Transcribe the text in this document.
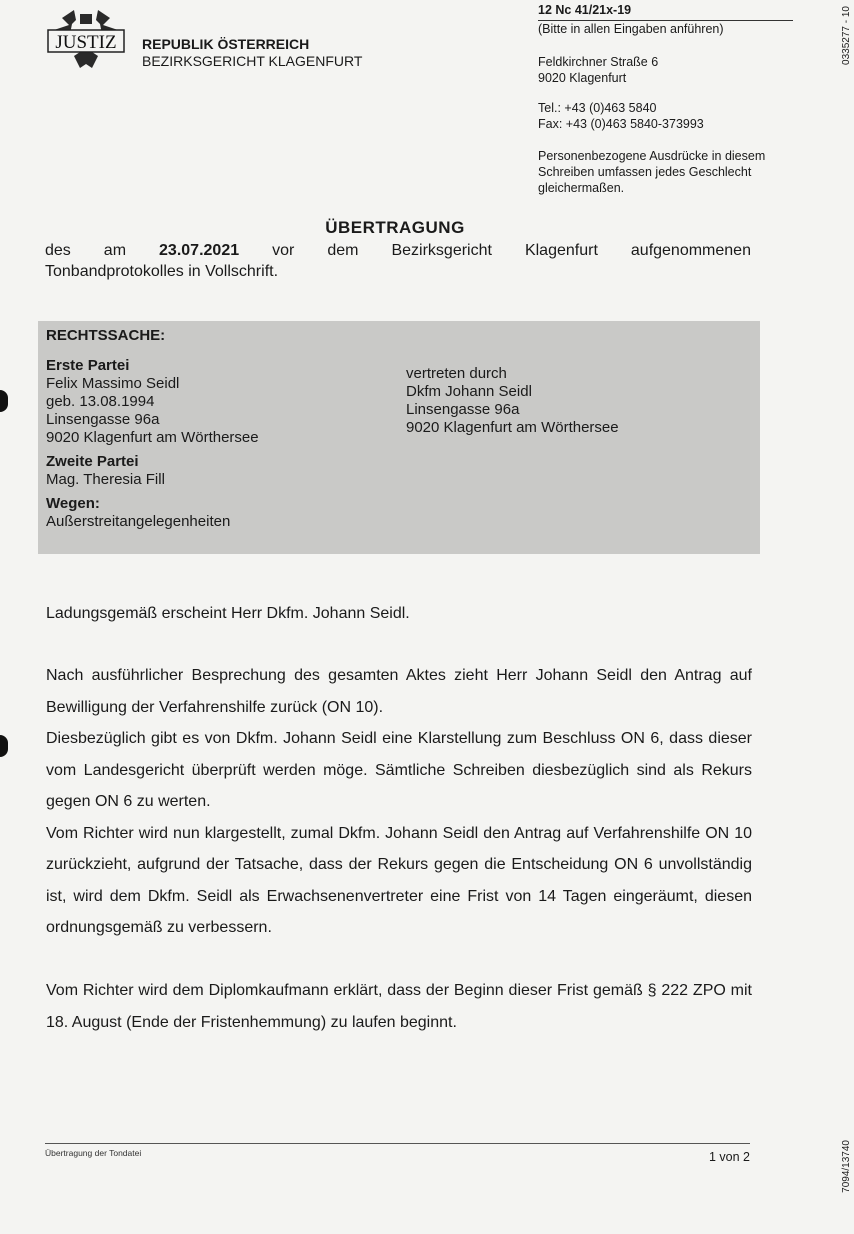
JUSTIZ REPUBLIK ÖSTERREICH
BEZIRKSGERICHT KLAGENFURT
12 Nc 41/21x-19
(Bitte in allen Eingaben anführen)
Feldkirchner Straße 6
9020 Klagenfurt
Tel.: +43 (0)463 5840
Fax: +43 (0)463 5840-373993
Personenbezogene Ausdrücke in diesem
Schreiben umfassen jedes Geschlecht
gleichermaßen.
0335277 - 10
7094/13740
ÜBERTRAGUNG
des am 23.07.2021 vor dem Bezirksgericht Klagenfurt aufgenommenen
Tonbandprotokolles in Vollschrift.
RECHTSSACHE:
Erste Partei
Felix Massimo Seidl
geb. 13.08.1994
Linsengasse 96a
9020 Klagenfurt am Wörthersee
Zweite Partei
Mag. Theresia Fill
Wegen:
Außerstreitangelegenheiten
vertreten durch
Dkfm Johann Seidl
Linsengasse 96a
9020 Klagenfurt am Wörthersee

Ladungsgemäß erscheint Herr Dkfm. Johann Seidl.

Nach ausführlicher Besprechung des gesamten Aktes zieht Herr Johann Seidl den Antrag auf Bewilligung der Verfahrenshilfe zurück (ON 10).

Diesbezüglich gibt es von Dkfm. Johann Seidl eine Klarstellung zum Beschluss ON 6, dass dieser vom Landesgericht überprüft werden möge. Sämtliche Schreiben diesbezüglich sind als Rekurs gegen ON 6 zu werten.

Vom Richter wird nun klargestellt, zumal Dkfm. Johann Seidl den Antrag auf Verfahrenshilfe ON 10 zurückzieht, aufgrund der Tatsache, dass der Rekurs gegen die Entscheidung ON 6 unvollständig ist, wird dem Dkfm. Seidl als Erwachsenenvertreter eine Frist von 14 Tagen eingeräumt, diesen ordnungsgemäß zu verbessern.

Vom Richter wird dem Diplomkaufmann erklärt, dass der Beginn dieser Frist gemäß § 222 ZPO mit 18. August (Ende der Fristenhemmung) zu laufen beginnt.

Übertragung der Tondatei	1 von 2
